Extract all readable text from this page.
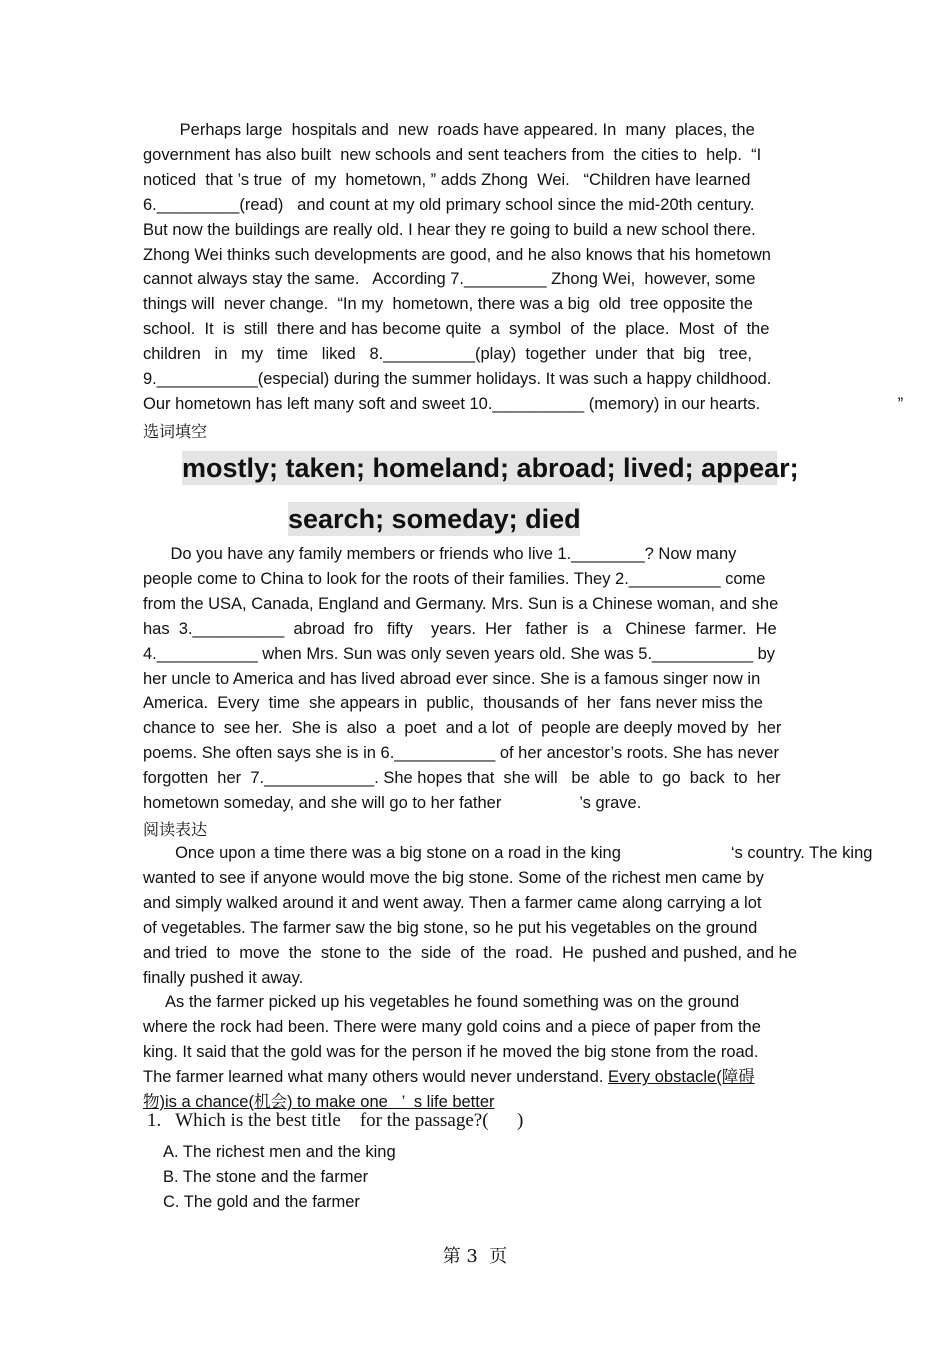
Perhaps large  hospitals and  new  roads have appeared. In  many  places, the
government has also built  new schools and sent teachers from  the cities to  help.  “I
noticed  that ’s true  of  my  hometown, ” adds Zhong  Wei.   “Children have learned
6._________(read)   and count at my old primary school since the mid-20th century.
But now the buildings are really old. I hear they re going to build a new school there.
Zhong Wei thinks such developments are good, and he also knows that his hometown
cannot always stay the same.   According 7._________ Zhong Wei,  however, some
things will  never change.  “In my  hometown, there was a big  old  tree opposite the
school.  It  is  still  there and has become quite  a  symbol  of  the  place.  Most  of  the
children   in   my   time   liked   8.__________(play)  together  under  that  big   tree,
9.___________(especial) during the summer holidays. It was such a happy childhood.
Our hometown has left many soft and sweet 10.__________ (memory) in our hearts.                              ”
选词填空
mostly; taken; homeland; abroad; lived; appear;
search; someday; died
Do you have any family members or friends who live 1.________? Now many
people come to China to look for the roots of their families. They 2.__________ come
from the USA, Canada, England and Germany. Mrs. Sun is a Chinese woman, and she
has  3.__________  abroad  fro   fifty    years.  Her   father  is   a   Chinese  farmer.  He
4.___________ when Mrs. Sun was only seven years old. She was 5.___________ by
her uncle to America and has lived abroad ever since. She is a famous singer now in
America.  Every  time  she appears in  public,  thousands of  her  fans never miss the
chance to  see her.  She is  also  a  poet  and a lot  of  people are deeply moved by  her
poems. She often says she is in 6.___________ of her ancestor’s roots. She has never
forgotten  her  7.____________. She hopes that  she will   be  able  to  go  back  to  her
hometown someday, and she will go to her father                 ’s grave.
阅读表达
Once upon a time there was a big stone on a road in the king                        ‘s country. The king
wanted to see if anyone would move the big stone. Some of the richest men came by
and simply walked around it and went away. Then a farmer came along carrying a lot
of vegetables. The farmer saw the big stone, so he put his vegetables on the ground
and tried  to  move  the  stone to  the  side  of  the  road.  He  pushed and pushed, and he
finally pushed it away.
As the farmer picked up his vegetables he found something was on the ground
where the rock had been. There were many gold coins and a piece of paper from the
king. It said that the gold was for the person if he moved the big stone from the road.
The farmer learned what many others would never understand. Every obstacle(障碍
物)is a chance(机会) to make one   ’  s life better
1.   Which is the best title    for the passage?(      )
A. The richest men and the king
B. The stone and the farmer
C. The gold and the farmer
第 3  页
